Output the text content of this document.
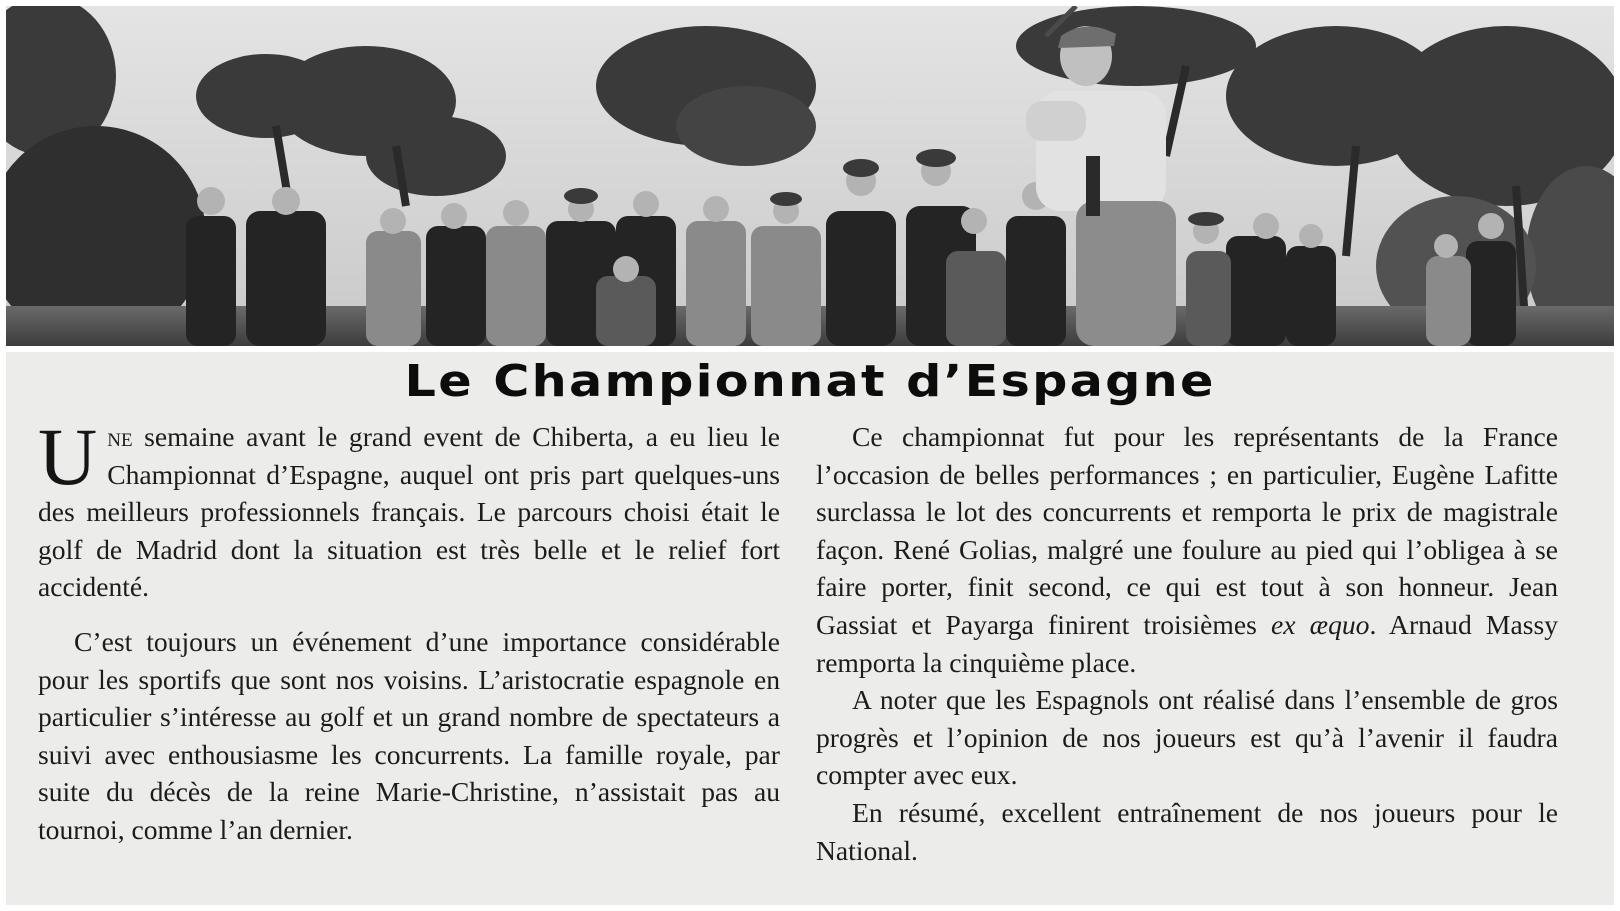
Le Championnat d’Espagne

Une semaine avant le grand event de Chiberta, a eu lieu le Championnat d’Espagne, auquel ont pris part quelques-uns des meilleurs professionnels français. Le parcours choisi était le golf de Madrid dont la situation est très belle et le relief fort accidenté.

C’est toujours un événement d’une importance considérable pour les sportifs que sont nos voisins. L’aristocratie espagnole en particulier s’intéresse au golf et un grand nombre de spectateurs a suivi avec enthousiasme les concurrents. La famille royale, par suite du décès de la reine Marie-Christine, n’assistait pas au tournoi, comme l’an dernier.

Ce championnat fut pour les représentants de la France l’occasion de belles performances ; en particulier, Eugène Lafitte surclassa le lot des concurrents et remporta le prix de magistrale façon. René Golias, malgré une foulure au pied qui l’obligea à se faire porter, finit second, ce qui est tout à son honneur. Jean Gassiat et Payarga finirent troisièmes ex æquo. Arnaud Massy remporta la cinquième place.

A noter que les Espagnols ont réalisé dans l’ensemble de gros progrès et l’opinion de nos joueurs est qu’à l’avenir il faudra compter avec eux.

En résumé, excellent entraînement de nos joueurs pour le National.
